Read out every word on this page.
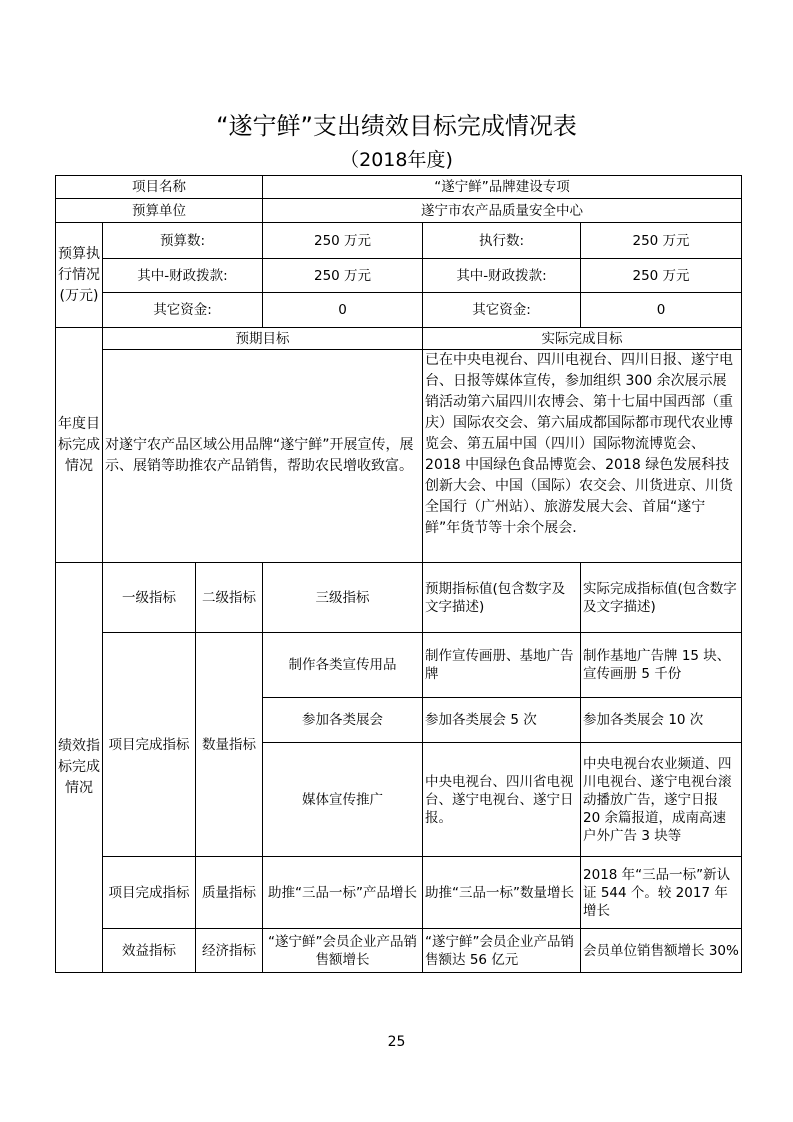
“遂宁鲜”支出绩效目标完成情况表
（2018年度)
项目名称			“遂宁鲜”品牌建设专项		
预算单位			遂宁市农产品质量安全中心		
预算执行情况(万元)	预算数:		250 万元	执行数:	250 万元
	其中-财政拨款:		250 万元	其中-财政拨款:	250 万元
	其它资金:		0	其它资金:	0
年度目标完成情况	预期目标			实际完成目标	
	对遂宁农产品区域公用品牌“遂宁鲜”开展宣传，展示、展销等助推农产品销售，帮助农民增收致富。			已在中央电视台、四川电视台、四川日报、遂宁电台、日报等媒体宣传，参加组织 300 余次展示展销活动第六届四川农博会、第十七届中国西部（重庆）国际农交会、第六届成都国际都市现代农业博览会、第五届中国（四川）国际物流博览会、2018 中国绿色食品博览会、2018 绿色发展科技创新大会、中国（国际）农交会、川货进京、川货全国行（广州站）、旅游发展大会、首届“遂宁鲜”年货节等十余个展会.	
绩效指标完成情况	一级指标	二级指标	三级指标	预期指标值(包含数字及文字描述)	实际完成指标值(包含数字及文字描述)
	项目完成指标	数量指标	制作各类宣传用品	制作宣传画册、基地广告牌	制作基地广告牌 15 块、宣传画册 5 千份
			参加各类展会	参加各类展会 5 次	参加各类展会 10 次
			媒体宣传推广	中央电视台、四川省电视台、遂宁电视台、遂宁日报。	中央电视台农业频道、四川电视台、遂宁电视台滚动播放广告，遂宁日报 20 余篇报道，成南高速户外广告 3 块等
	项目完成指标	质量指标	助推“三品一标”产品增长	助推“三品一标”数量增长	2018 年“三品一标”新认证 544 个。较 2017 年增长
	效益指标	经济指标	“遂宁鲜”会员企业产品销售额增长	“遂宁鲜”会员企业产品销售额达 56 亿元	会员单位销售额增长 30%
25
